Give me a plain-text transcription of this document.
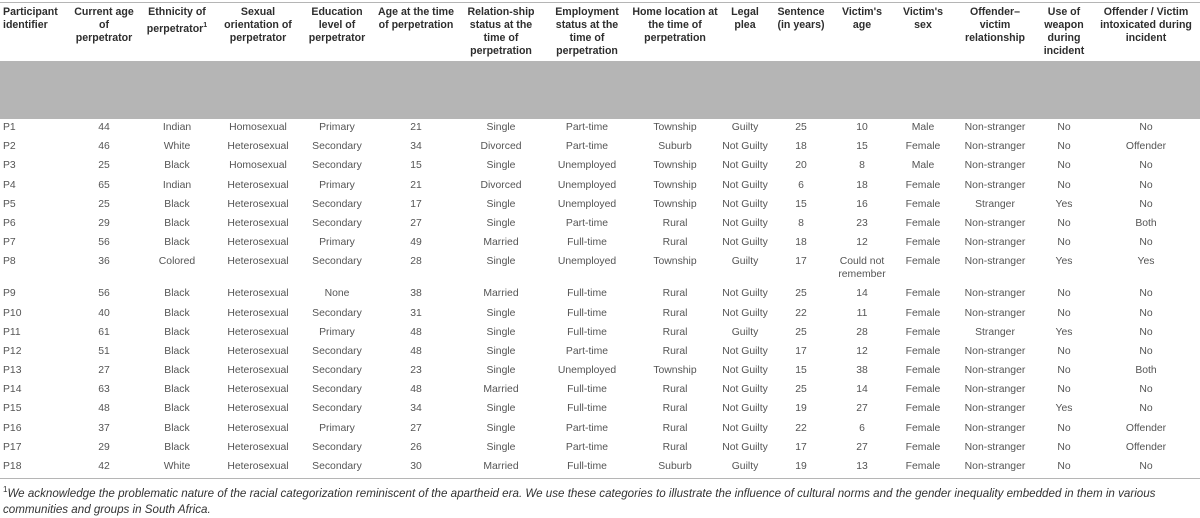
Participant identifier	Current age of perpetrator	Ethnicity of perpetrator$^1$	Sexual orientation of perpetrator	Education level of perpetrator	Age at the time of perpetration	Relation-ship status at the time of perpetration	Employment status at the time of perpetration	Home location at the time of perpetration	Legal plea	Sentence (in years)	Victim's age	Victim's sex	Offender–victim relationship	Use of weapon during incident	Offender / Victim intoxicated during incident

P1	44	Indian	Homosexual	Primary	21	Single	Part-time	Township	Guilty	25	10	Male	Non-stranger	No	No
P2	46	White	Heterosexual	Secondary	34	Divorced	Part-time	Suburb	Not Guilty	18	15	Female	Non-stranger	No	Offender
P3	25	Black	Homosexual	Secondary	15	Single	Unemployed	Township	Not Guilty	20	8	Male	Non-stranger	No	No
P4	65	Indian	Heterosexual	Primary	21	Divorced	Unemployed	Township	Not Guilty	6	18	Female	Non-stranger	No	No
P5	25	Black	Heterosexual	Secondary	17	Single	Unemployed	Township	Not Guilty	15	16	Female	Stranger	Yes	No
P6	29	Black	Heterosexual	Secondary	27	Single	Part-time	Rural	Not Guilty	8	23	Female	Non-stranger	No	Both
P7	56	Black	Heterosexual	Primary	49	Married	Full-time	Rural	Not Guilty	18	12	Female	Non-stranger	No	No
P8	36	Colored	Heterosexual	Secondary	28	Single	Unemployed	Township	Guilty	17	Could not remember	Female	Non-stranger	Yes	Yes
P9	56	Black	Heterosexual	None	38	Married	Full-time	Rural	Not Guilty	25	14	Female	Non-stranger	No	No
P10	40	Black	Heterosexual	Secondary	31	Single	Full-time	Rural	Not Guilty	22	11	Female	Non-stranger	No	No
P11	61	Black	Heterosexual	Primary	48	Single	Full-time	Rural	Guilty	25	28	Female	Stranger	Yes	No
P12	51	Black	Heterosexual	Secondary	48	Single	Part-time	Rural	Not Guilty	17	12	Female	Non-stranger	No	No
P13	27	Black	Heterosexual	Secondary	23	Single	Unemployed	Township	Not Guilty	15	38	Female	Non-stranger	No	Both
P14	63	Black	Heterosexual	Secondary	48	Married	Full-time	Rural	Not Guilty	25	14	Female	Non-stranger	No	No
P15	48	Black	Heterosexual	Secondary	34	Single	Full-time	Rural	Not Guilty	19	27	Female	Non-stranger	Yes	No
P16	37	Black	Heterosexual	Primary	27	Single	Part-time	Rural	Not Guilty	22	6	Female	Non-stranger	No	Offender
P17	29	Black	Heterosexual	Secondary	26	Single	Part-time	Rural	Not Guilty	17	27	Female	Non-stranger	No	Offender
P18	42	White	Heterosexual	Secondary	30	Married	Full-time	Suburb	Guilty	19	13	Female	Non-stranger	No	No
$^1$We acknowledge the problematic nature of the racial categorization reminiscent of the apartheid era. We use these categories to illustrate the influence of cultural norms and the gender inequality embedded in them in various communities and groups in South Africa.
